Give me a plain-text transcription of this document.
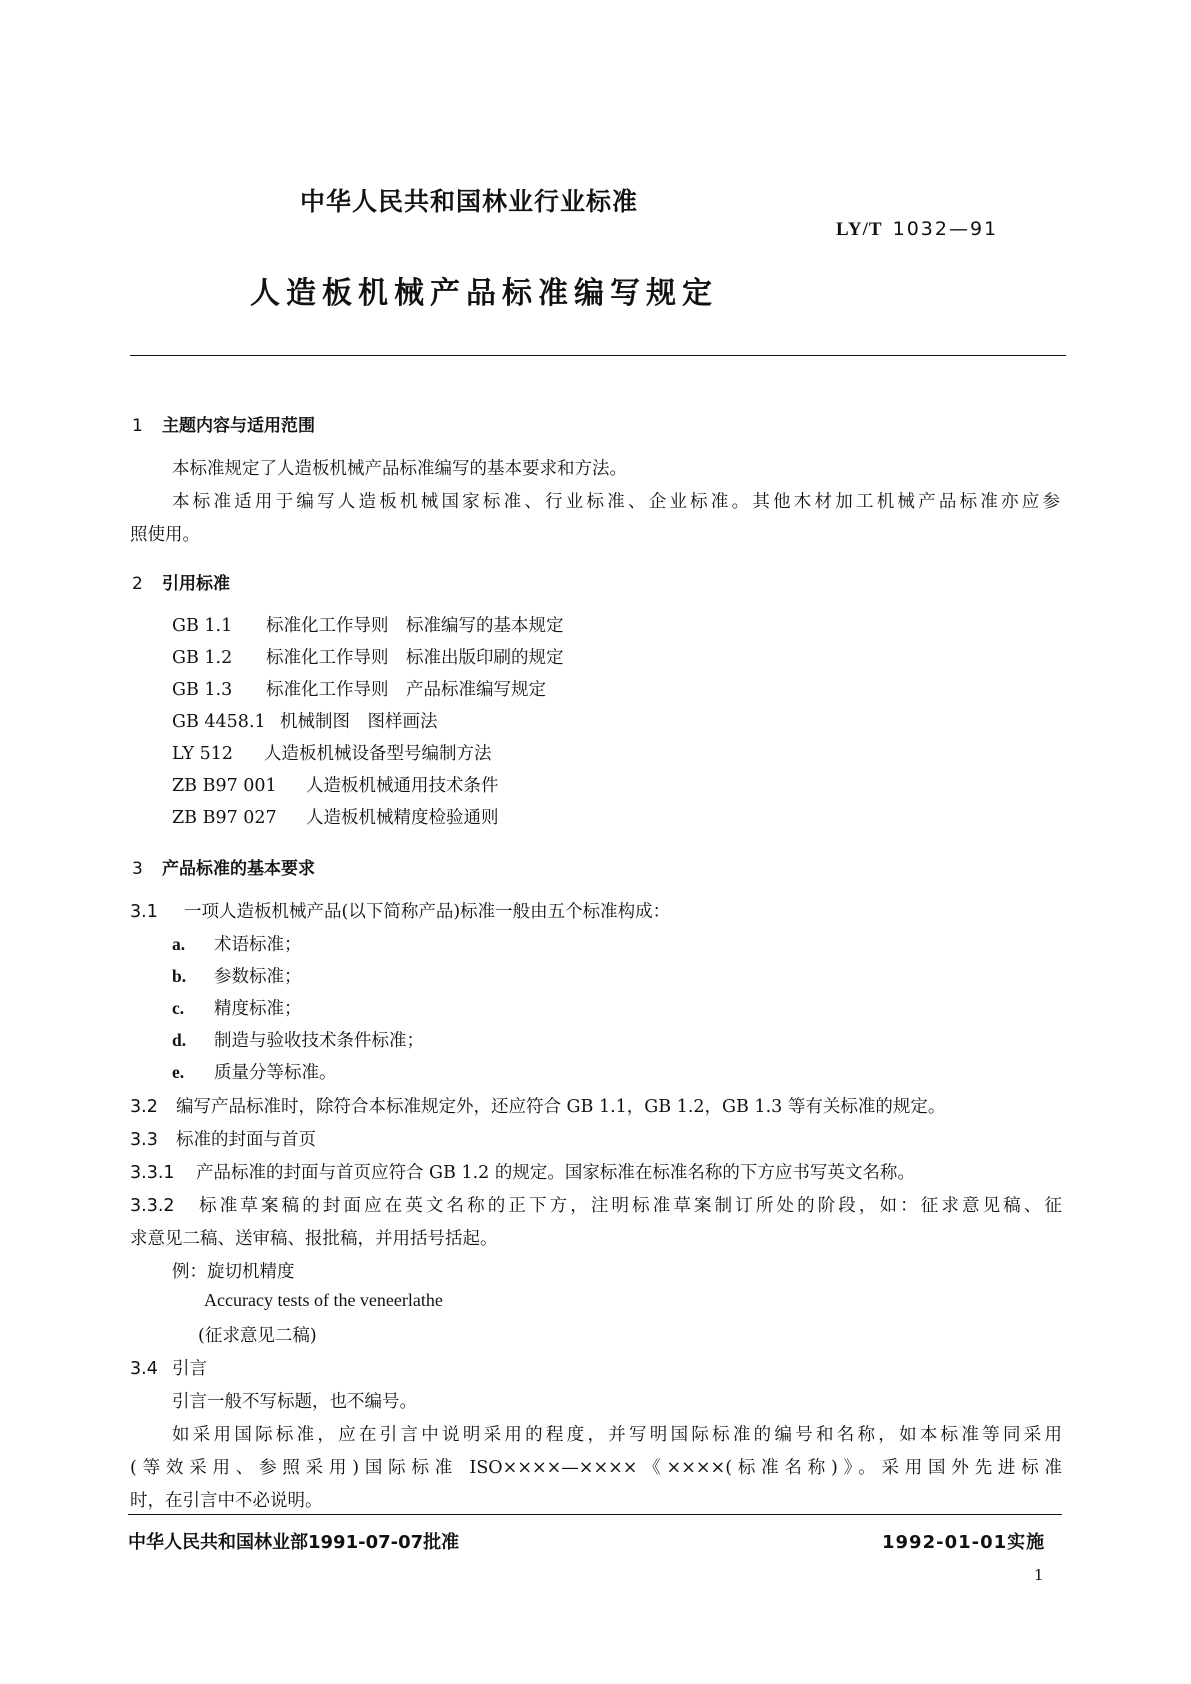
中华人民共和国林业行业标准
LY/T 1032—91
人造板机械产品标准编写规定
1 主题内容与适用范围
本标准规定了人造板机械产品标准编写的基本要求和方法。
本标准适用于编写人造板机械国家标准、行业标准、企业标准。其他木材加工机械产品标准亦应参
照使用。
2 引用标准
GB 1.1 标准化工作导则　标准编写的基本规定
GB 1.2 标准化工作导则　标准出版印刷的规定
GB 1.3 标准化工作导则　产品标准编写规定
GB 4458.1 机械制图　图样画法
LY 512 人造板机械设备型号编制方法
ZB B97 001 人造板机械通用技术条件
ZB B97 027 人造板机械精度检验通则
3 产品标准的基本要求
3.1 一项人造板机械产品(以下简称产品)标准一般由五个标准构成：
a. 术语标准；
b. 参数标准；
c. 精度标准；
d. 制造与验收技术条件标准；
e. 质量分等标准。
3.2 编写产品标准时，除符合本标准规定外，还应符合 GB 1.1，GB 1.2，GB 1.3 等有关标准的规定。
3.3 标准的封面与首页
3.3.1 产品标准的封面与首页应符合 GB 1.2 的规定。国家标准在标准名称的下方应书写英文名称。
3.3.2 标准草案稿的封面应在英文名称的正下方，注明标准草案制订所处的阶段，如：征求意见稿、征
求意见二稿、送审稿、报批稿，并用括号括起。
例：旋切机精度
Accuracy tests of the veneerlathe
(征求意见二稿)
3.4 引言
引言一般不写标题，也不编号。
如采用国际标准，应在引言中说明采用的程度，并写明国际标准的编号和名称，如本标准等同采用
(等效采用、参照采用)国际标准 ISO××××—××××《××××(标准名称)》。采用国外先进标准
时，在引言中不必说明。
中华人民共和国林业部1991-07-07批准	1992-01-01实施
1
